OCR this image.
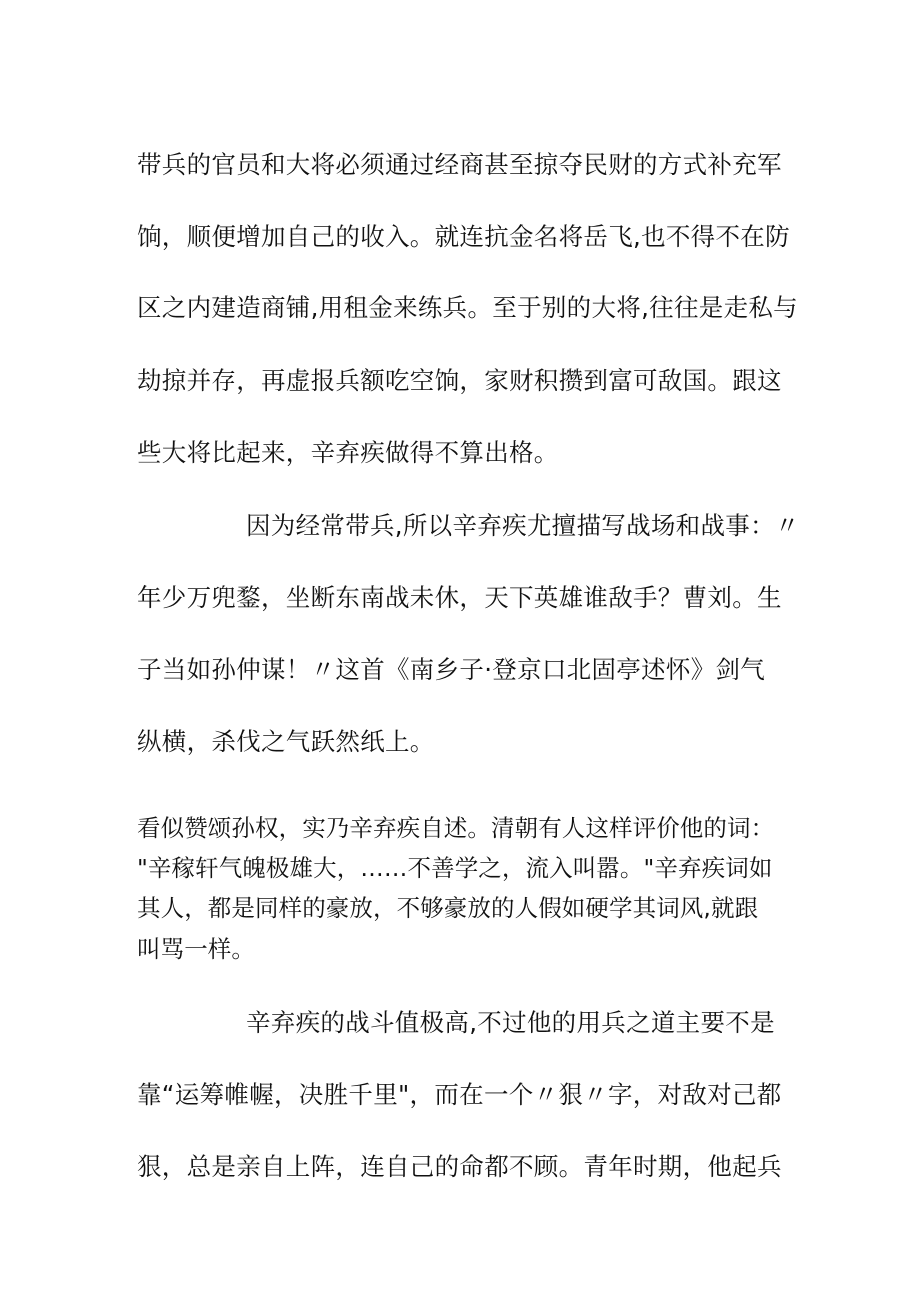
带兵的官员和大将必须通过经商甚至掠夺民财的方式补充军
饷，顺便增加自己的收入。就连抗金名将岳飞,也不得不在防
区之内建造商铺,用租金来练兵。至于别的大将,往往是走私与
劫掠并存，再虚报兵额吃空饷，家财积攒到富可敌国。跟这
些大将比起来，辛弃疾做得不算出格。
因为经常带兵,所以辛弃疾尤擅描写战场和战事：〃
年少万兜鍪，坐断东南战未休，天下英雄谁敌手？曹刘。生
子当如孙仲谋！〃这首《南乡子·登京口北固亭述怀》剑气
纵横，杀伐之气跃然纸上。
看似赞颂孙权，实乃辛弃疾自述。清朝有人这样评价他的词：
"辛稼轩气魄极雄大，……不善学之，流入叫嚣。"辛弃疾词如
其人，都是同样的豪放，不够豪放的人假如硬学其词风,就跟
叫骂一样。
辛弃疾的战斗值极高,不过他的用兵之道主要不是
靠“运筹帷幄，决胜千里"，而在一个〃狠〃字，对敌对己都
狠，总是亲自上阵，连自己的命都不顾。青年时期，他起兵
